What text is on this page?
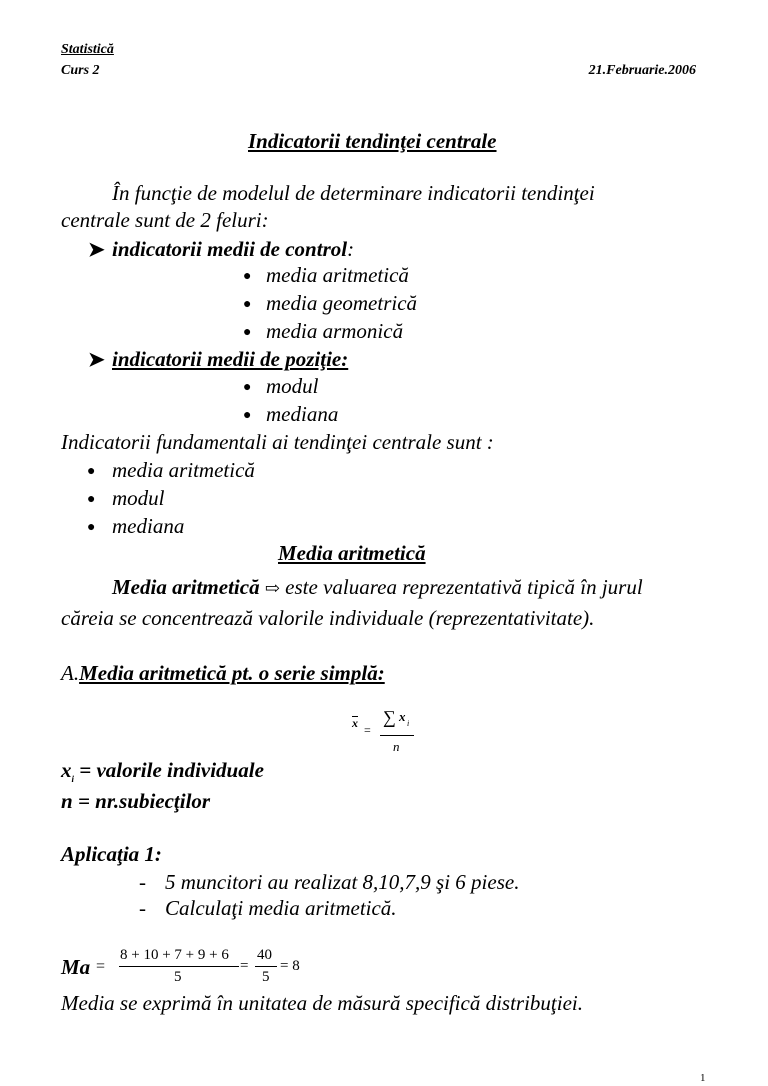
Statistică
Curs 2	21.Februarie.2006
Indicatorii tendinţei centrale
În funcţie de modelul de determinare indicatorii tendinţei
centrale sunt de 2 feluri:
➤ indicatorii medii de control:
● media aritmetică
● media geometrică
● media armonică
➤ indicatorii medii de poziţie:
● modul
● mediana
Indicatorii fundamentali ai tendinţei centrale sunt :
● media aritmetică
● modul
● mediana
Media aritmetică
Media aritmetică ⇨ este valuarea reprezentativă tipică în jurul
căreia se concentrează valorile individuale (reprezentativitate).
A.Media aritmetică pt. o serie simplă:
x =
∑ x i
n
$x_i$ = valorile individuale
n = nr.subiecţilor
Aplicaţia 1:
- 5 muncitori au realizat 8,10,7,9 şi 6 piese.
- Calculaţi media aritmetică.
Ma =
8 + 10 + 7 + 9 + 6
5
=
40
5
= 8
Media se exprimă în unitatea de măsură specifică distribuţiei.
1
